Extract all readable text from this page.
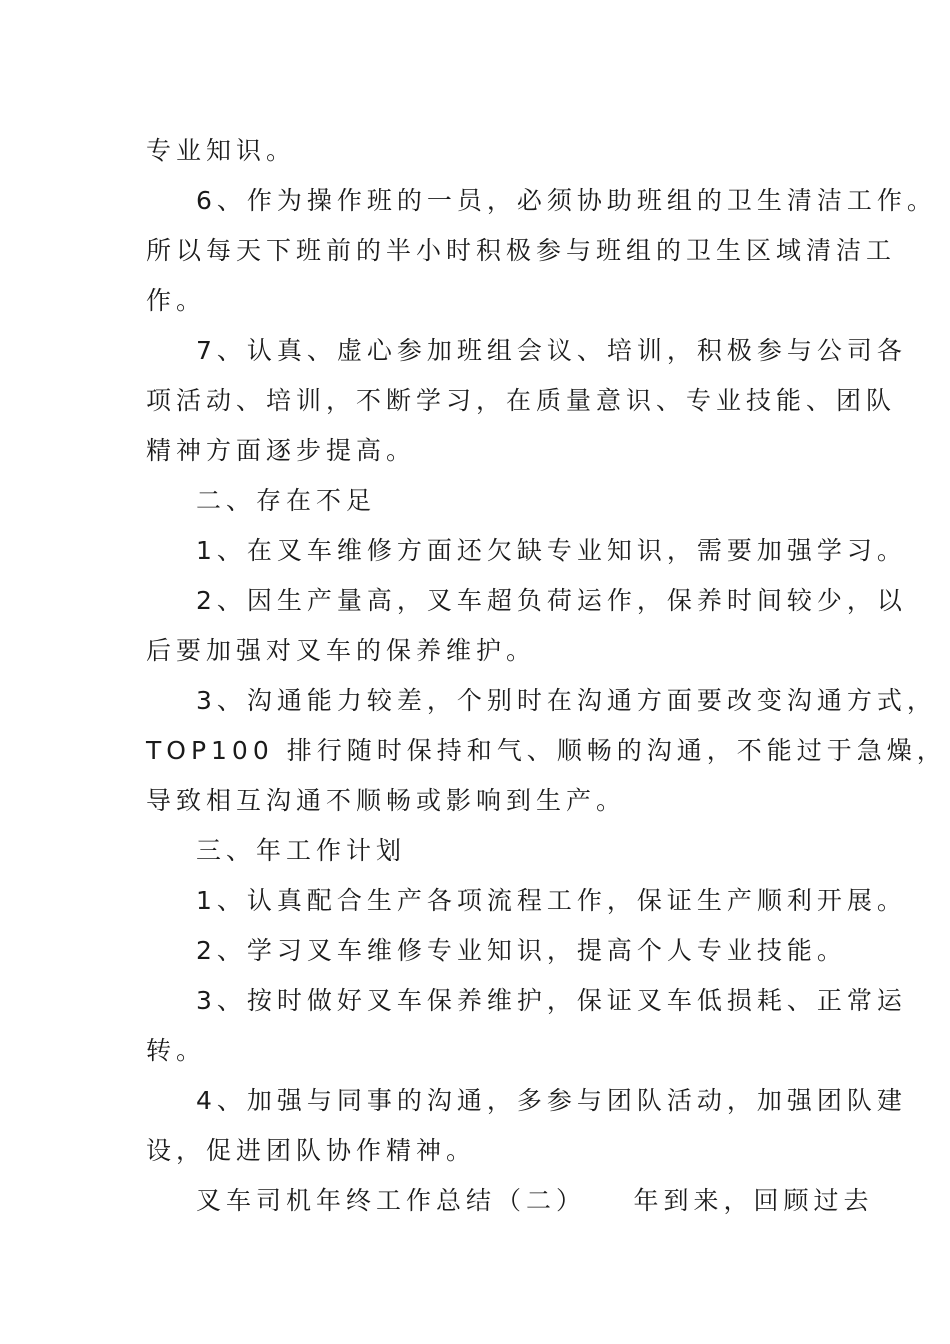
专业知识。
6、作为操作班的一员，必须协助班组的卫生清洁工作。
所以每天下班前的半小时积极参与班组的卫生区域清洁工
作。
7、认真、虚心参加班组会议、培训，积极参与公司各
项活动、培训，不断学习，在质量意识、专业技能、团队
精神方面逐步提高。
二、存在不足
1、在叉车维修方面还欠缺专业知识，需要加强学习。
2、因生产量高，叉车超负荷运作，保养时间较少，以
后要加强对叉车的保养维护。
3、沟通能力较差，个别时在沟通方面要改变沟通方式，
TOP100 排行随时保持和气、顺畅的沟通，不能过于急燥，
导致相互沟通不顺畅或影响到生产。
三、年工作计划
1、认真配合生产各项流程工作，保证生产顺利开展。
2、学习叉车维修专业知识，提高个人专业技能。
3、按时做好叉车保养维护，保证叉车低损耗、正常运
转。
4、加强与同事的沟通，多参与团队活动，加强团队建
设，促进团队协作精神。
叉车司机年终工作总结（二）　　年到来，回顾过去
